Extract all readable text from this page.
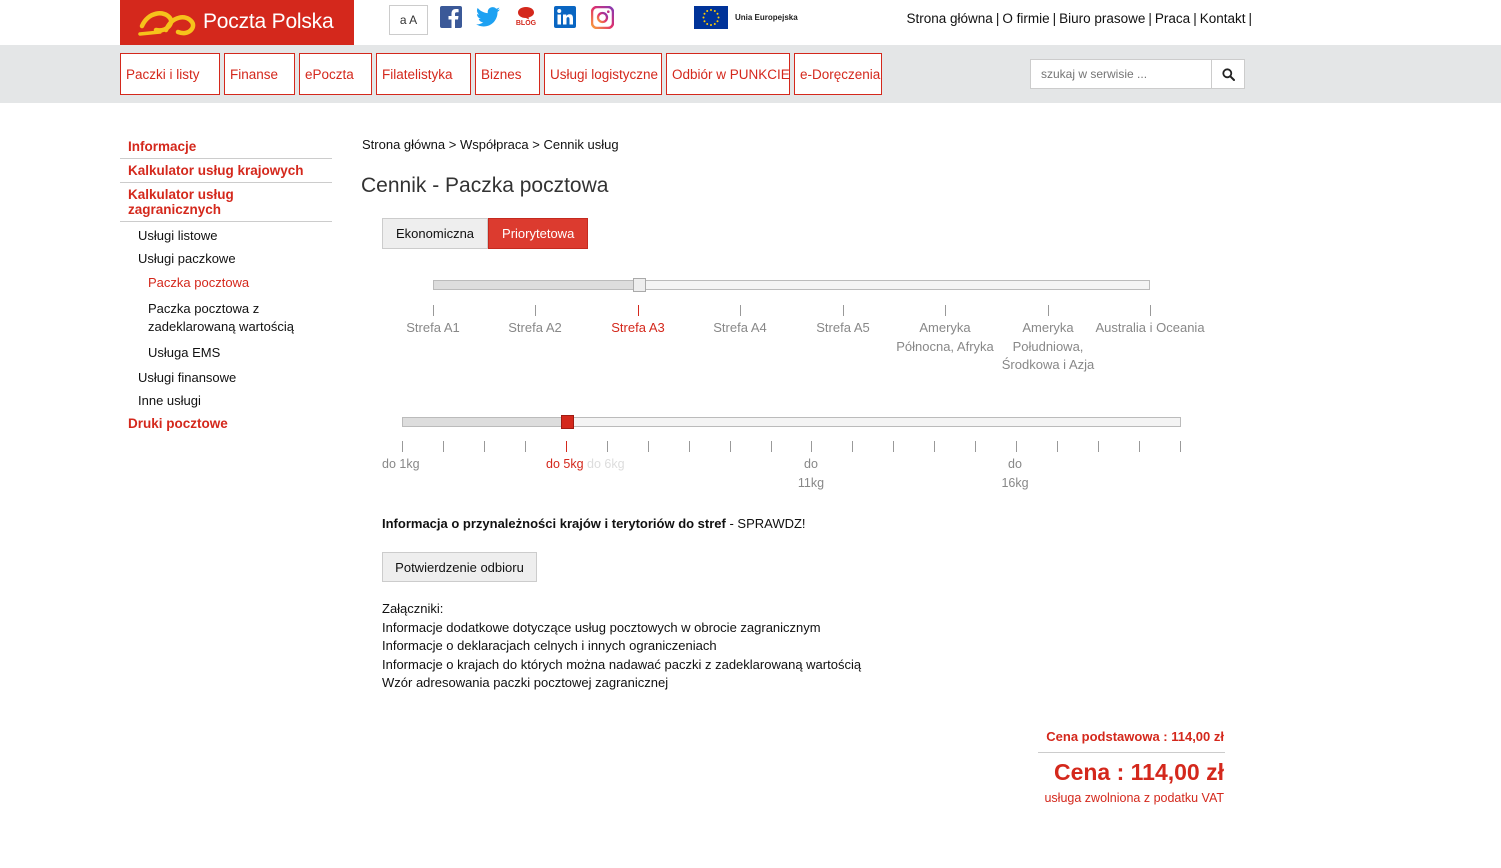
Poczta Polska	a A	BLOG
Unia Europejska	Strona główna | O firmie | Biuro prasowe | Praca | Kontakt |
Paczki i listy	Finanse	ePoczta	Filatelistyka	Biznes	Usługi logistyczne	Odbiór w PUNKCIE e-Doręczenia
szukaj w serwisie ...
Informacje
Kalkulator usług krajowych
Kalkulator usług zagranicznych
Usługi listowe
Usługi paczkowe
Paczka pocztowa
Paczka pocztowa z zadeklarowaną wartością
Usługa EMS
Usługi finansowe
Inne usługi
Druki pocztowe
Strona główna > Współpraca > Cennik usług
Cennik - Paczka pocztowa
Ekonomiczna	Priorytetowa
Strefa A1	Strefa A2	Strefa A3	Strefa A4	Strefa A5	Ameryka Północna, Afryka
Ameryka Południowa, Środkowa i Azja
Australia i Oceania
do 1kg	do 5kg do 6kg	do 11kg
do 16kg
Informacja o przynależności krajów i terytoriów do stref - SPRAWDZ!
Potwierdzenie odbioru
Załączniki:
Informacje dodatkowe dotyczące usług pocztowych w obrocie zagranicznym
Informacje o deklaracjach celnych i innych ograniczeniach
Informacje o krajach do których można nadawać paczki z zadeklarowaną wartością
Wzór adresowania paczki pocztowej zagranicznej
Cena podstawowa : 114,00 zł
Cena : 114,00 zł
usługa zwolniona z podatku VAT
